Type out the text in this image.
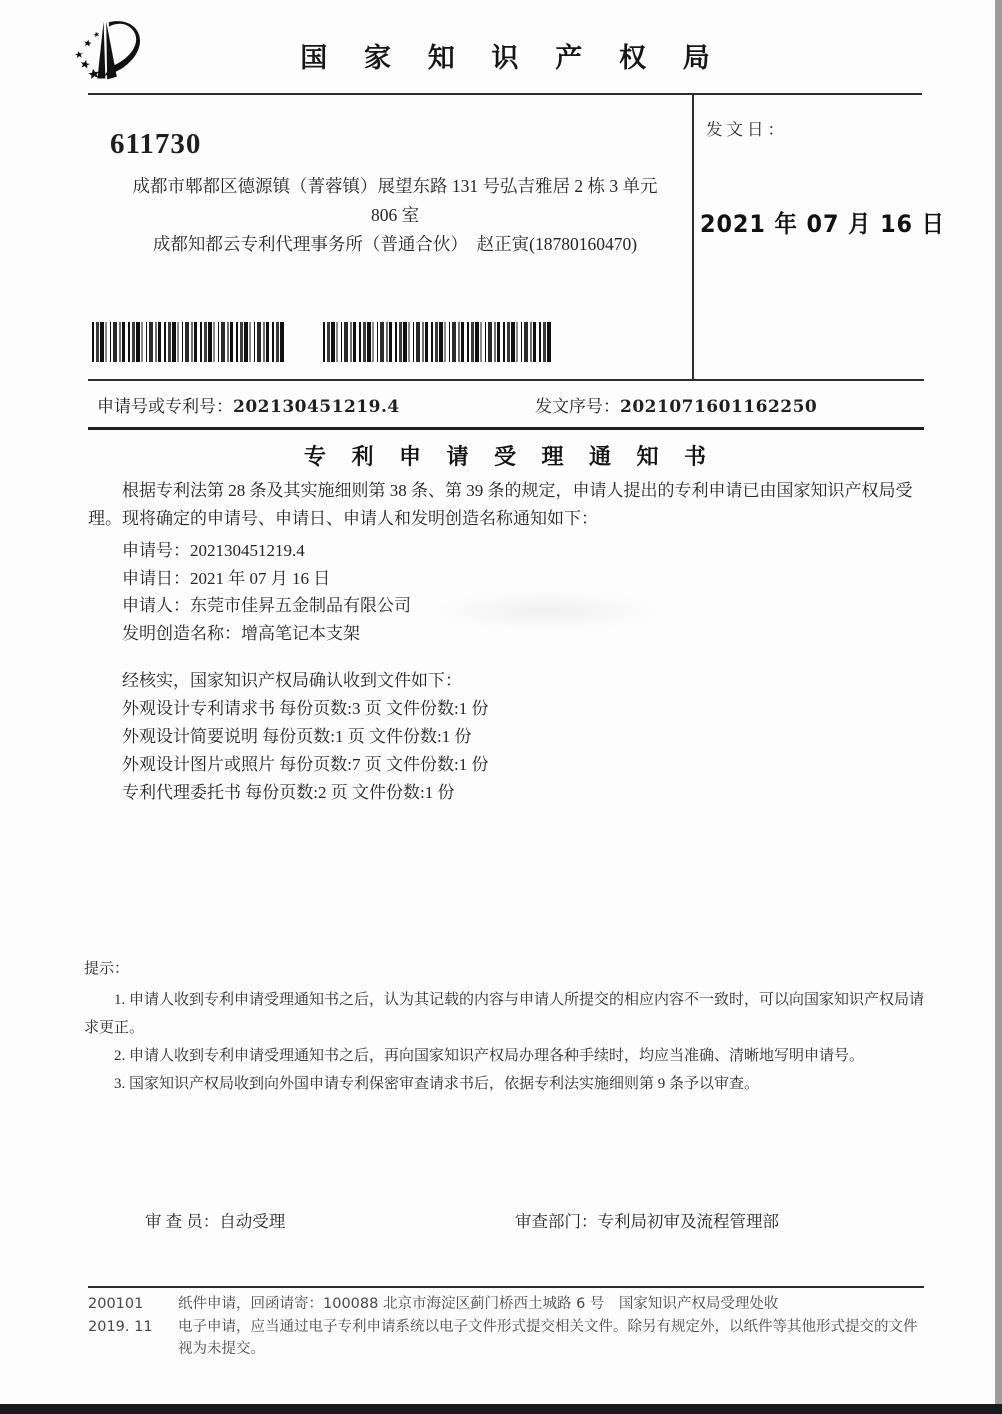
国 家 知 识 产 权 局
611730
成都市郫都区德源镇（菁蓉镇）展望东路 131 号弘吉雅居 2 栋 3 单元
806 室
成都知都云专利代理事务所（普通合伙）　赵正寅(18780160470)
发文日：
2021 年 07 月 16 日
申请号或专利号：202130451219.4	发文序号：2021071601162250
专 利 申 请 受 理 通 知 书

根据专利法第 28 条及其实施细则第 38 条、第 39 条的规定，申请人提出的专利申请已由国家知识产权局受理。现将确定的申请号、申请日、申请人和发明创造名称通知如下：

申请号：202130451219.4
申请日：2021 年 07 月 16 日
申请人：东莞市佳昇五金制品有限公司
发明创造名称：增高笔记本支架
经核实，国家知识产权局确认收到文件如下：
外观设计专利请求书 每份页数:3 页 文件份数:1 份
外观设计简要说明 每份页数:1 页 文件份数:1 份
外观设计图片或照片 每份页数:7 页 文件份数:1 份
专利代理委托书 每份页数:2 页 文件份数:1 份

提示：

1. 申请人收到专利申请受理通知书之后，认为其记载的内容与申请人所提交的相应内容不一致时，可以向国家知识产权局请求更正。

2. 申请人收到专利申请受理通知书之后，再向国家知识产权局办理各种手续时，均应当准确、清晰地写明申请号。

3. 国家知识产权局收到向外国申请专利保密审查请求书后，依据专利法实施细则第 9 条予以审查。

审 查 员：自动受理	审查部门：专利局初审及流程管理部
200101
2019. 11

纸件申请，回函请寄：100088 北京市海淀区蓟门桥西土城路 6 号　国家知识产权局受理处收

电子申请，应当通过电子专利申请系统以电子文件形式提交相关文件。除另有规定外，以纸件等其他形式提交的文件视为未提交。
